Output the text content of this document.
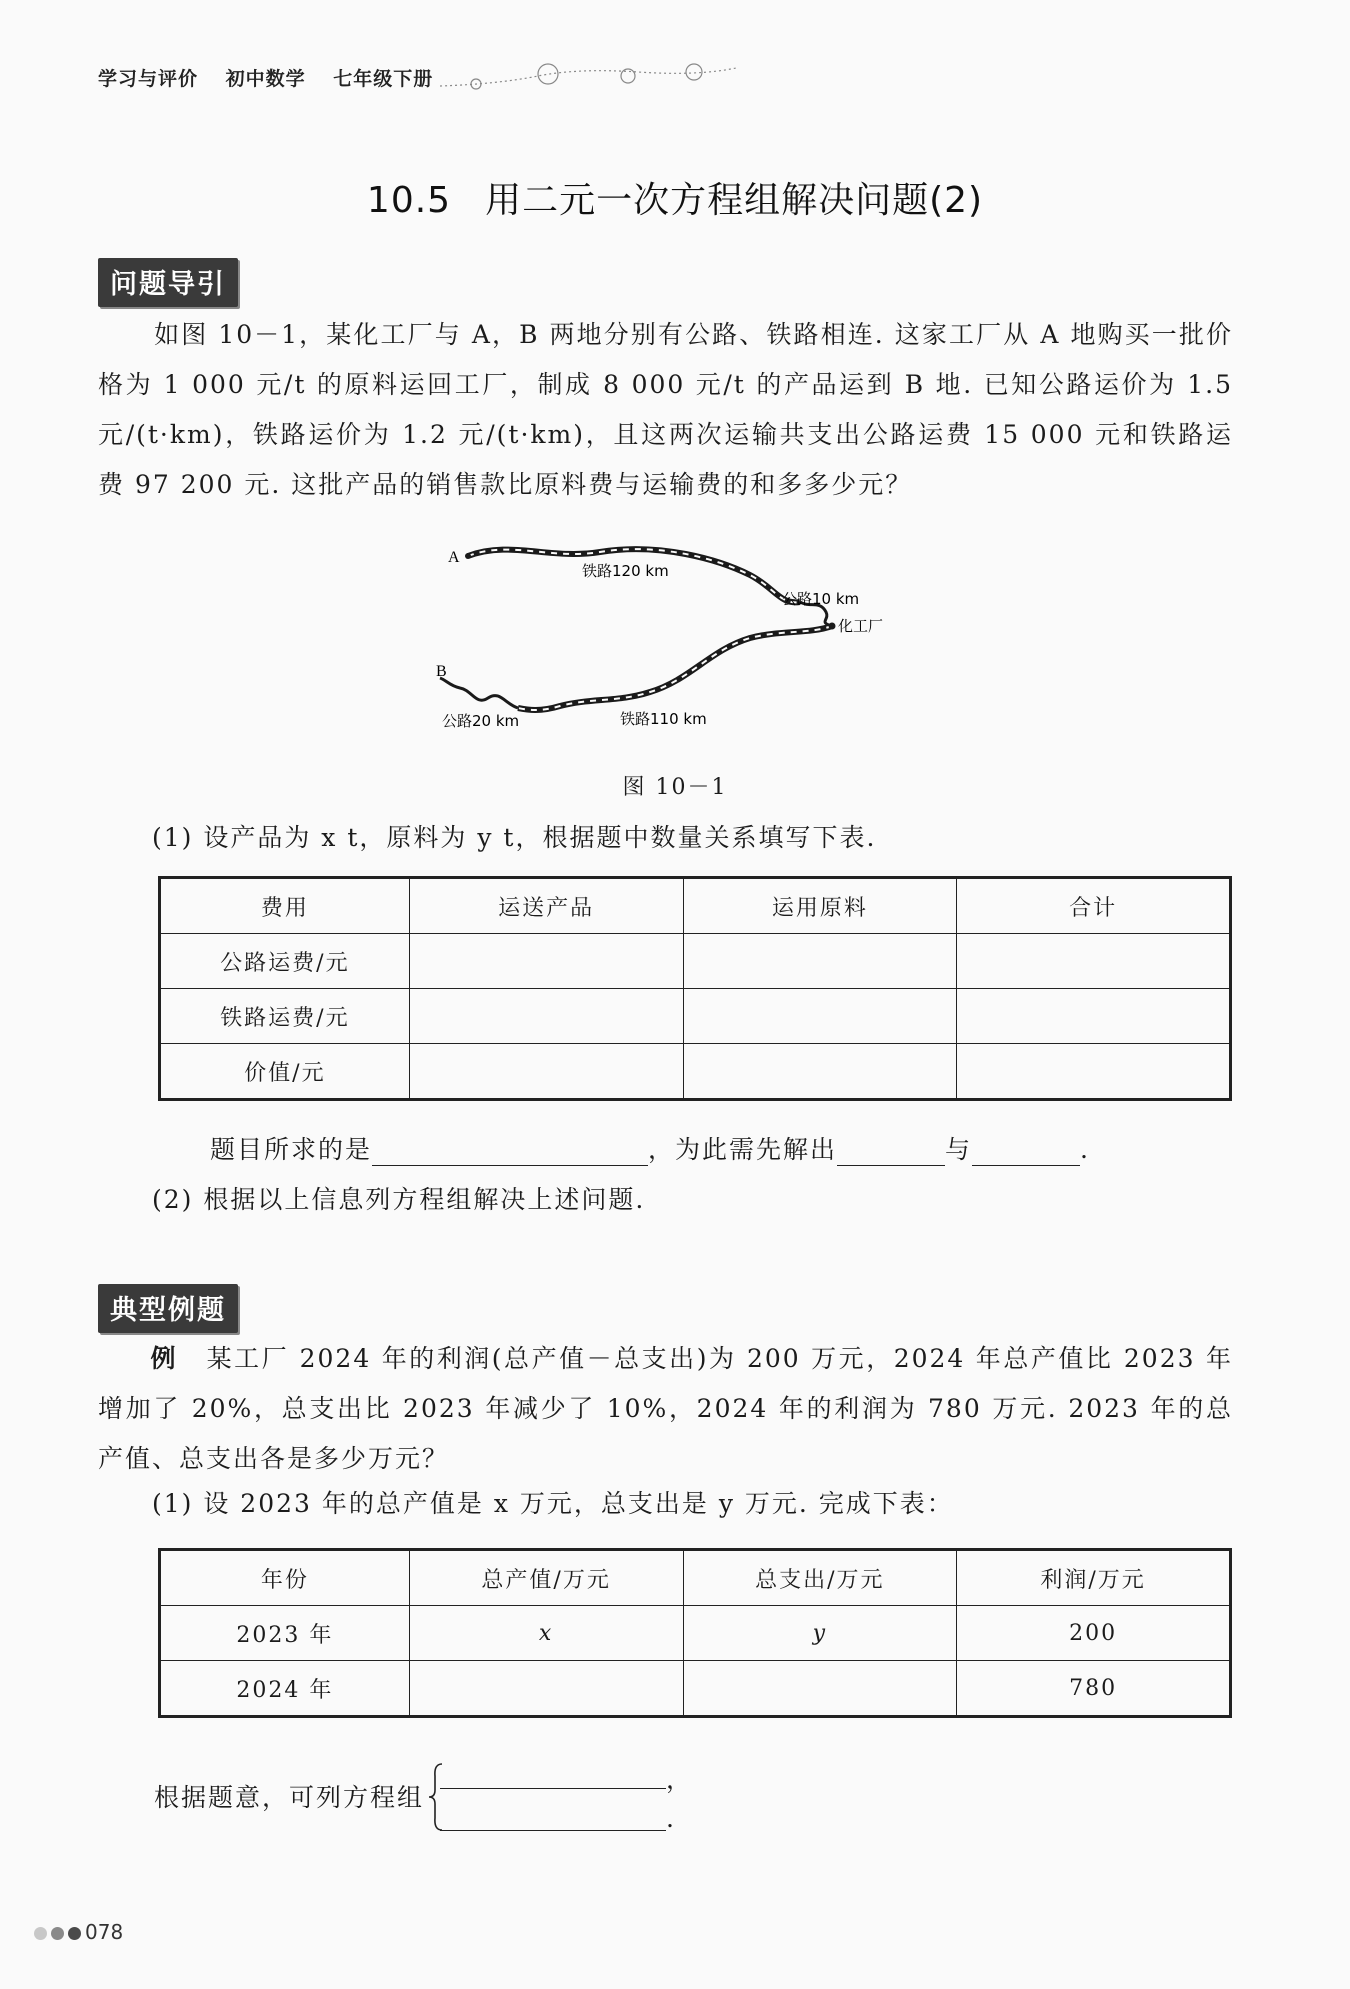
学习与评价 初中数学 七年级下册
10.5 用二元一次方程组解决问题(2)
问题导引
如图 10－1，某化工厂与 A，B 两地分别有公路、铁路相连. 这家工厂从 A 地购买一批价格为 1 000 元/t 的原料运回工厂，制成 8 000 元/t 的产品运到 B 地. 已知公路运价为 1.5 元/(t·km)，铁路运价为 1.2 元/(t·km)，且这两次运输共支出公路运费 15 000 元和铁路运费 97 200 元. 这批产品的销售款比原料费与运输费的和多多少元？
A
B
铁路120 km
公路10 km
化工厂
公路20 km	铁路110 km
图 10－1
(1) 设产品为 x t，原料为 y t，根据题中数量关系填写下表.
费用	运送产品	运用原料	合计
公路运费/元			
铁路运费/元			
价值/元			
题目所求的是	，为此需先解出	与	.
(2) 根据以上信息列方程组解决上述问题.
典型例题
例 某工厂 2024 年的利润(总产值－总支出)为 200 万元，2024 年总产值比 2023 年增加了 20%，总支出比 2023 年减少了 10%，2024 年的利润为 780 万元. 2023 年的总产值、总支出各是多少万元？
(1) 设 2023 年的总产值是 x 万元，总支出是 y 万元. 完成下表：
年份	总产值/万元	总支出/万元	利润/万元
2023 年	x	y	200
2024 年			780
根据题意，可列方程组
，
.
078
